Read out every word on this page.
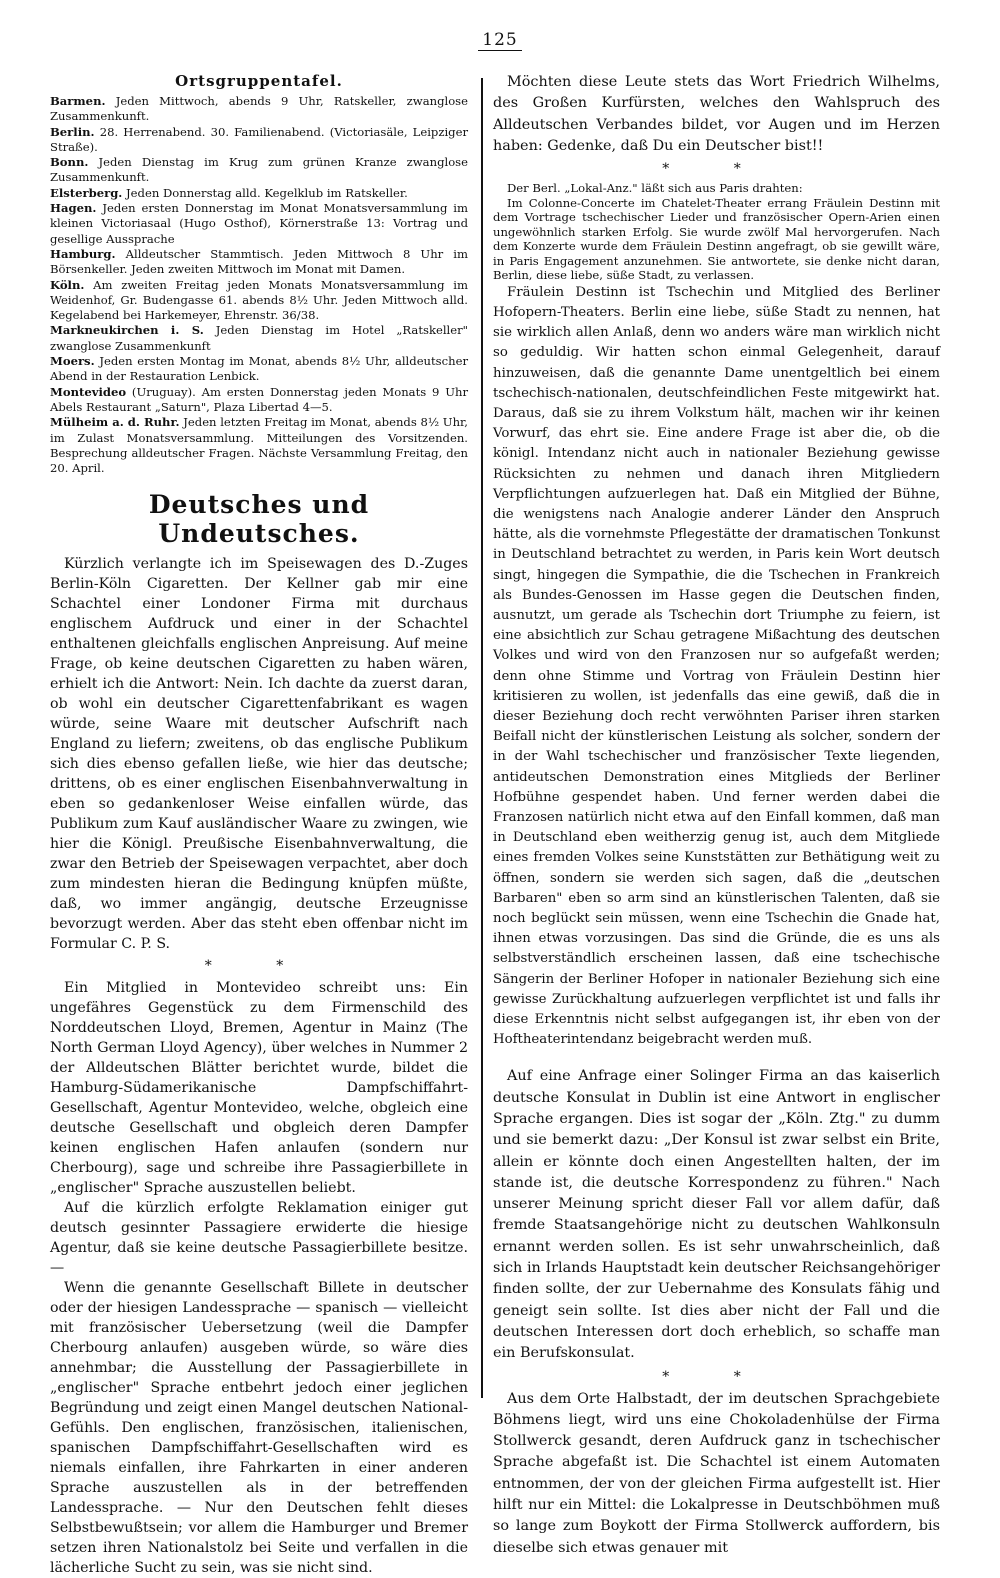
125
Ortsgruppentafel.

Barmen. Jeden Mittwoch, abends 9 Uhr, Ratskeller, zwanglose Zusammenkunft.

Berlin. 28. Herrenabend. 30. Familienabend. (Victoriasäle, Leipziger Straße).

Bonn. Jeden Dienstag im Krug zum grünen Kranze zwanglose Zusammenkunft.

Elsterberg. Jeden Donnerstag alld. Kegelklub im Ratskeller.

Hagen. Jeden ersten Donnerstag im Monat Monatsversammlung im kleinen Victoriasaal (Hugo Osthof), Körnerstraße 13: Vortrag und gesellige Aussprache

Hamburg. Alldeutscher Stammtisch. Jeden Mittwoch 8 Uhr im Börsenkeller. Jeden zweiten Mittwoch im Monat mit Damen.

Köln. Am zweiten Freitag jeden Monats Monatsversammlung im Weidenhof, Gr. Budengasse 61. abends 8½ Uhr. Jeden Mittwoch alld. Kegelabend bei Harkemeyer, Ehrenstr. 36/38.

Markneukirchen i. S. Jeden Dienstag im Hotel „Ratskeller" zwanglose Zusammenkunft

Moers. Jeden ersten Montag im Monat, abends 8½ Uhr, alldeutscher Abend in der Restauration Lenbick.

Montevideo (Uruguay). Am ersten Donnerstag jeden Monats 9 Uhr Abels Restaurant „Saturn", Plaza Libertad 4—5.

Mülheim a. d. Ruhr. Jeden letzten Freitag im Monat, abends 8½ Uhr, im Zulast Monatsversammlung. Mitteilungen des Vorsitzenden. Besprechung alldeutscher Fragen. Nächste Versammlung Freitag, den 20. April.

Deutsches und Undeutsches.

Kürzlich verlangte ich im Speisewagen des D.-Zuges Berlin-Köln Cigaretten. Der Kellner gab mir eine Schachtel einer Londoner Firma mit durchaus englischem Aufdruck und einer in der Schachtel enthaltenen gleichfalls englischen Anpreisung. Auf meine Frage, ob keine deutschen Cigaretten zu haben wären, erhielt ich die Antwort: Nein. Ich dachte da zuerst daran, ob wohl ein deutscher Cigarettenfabrikant es wagen würde, seine Waare mit deutscher Aufschrift nach England zu liefern; zweitens, ob das englische Publikum sich dies ebenso gefallen ließe, wie hier das deutsche; drittens, ob es einer englischen Eisenbahnverwaltung in eben so gedankenloser Weise einfallen würde, das Publikum zum Kauf ausländischer Waare zu zwingen, wie hier die Königl. Preußische Eisenbahnverwaltung, die zwar den Betrieb der Speisewagen verpachtet, aber doch zum mindesten hieran die Bedingung knüpfen müßte, daß, wo immer angängig, deutsche Erzeugnisse bevorzugt werden. Aber das steht eben offenbar nicht im Formular C. P. S.

* *

Ein Mitglied in Montevideo schreibt uns: Ein ungefähres Gegenstück zu dem Firmenschild des Norddeutschen Lloyd, Bremen, Agentur in Mainz (The North German Lloyd Agency), über welches in Nummer 2 der Alldeutschen Blätter berichtet wurde, bildet die Hamburg-Südamerikanische Dampfschiffahrt-Gesellschaft, Agentur Montevideo, welche, obgleich eine deutsche Gesellschaft und obgleich deren Dampfer keinen englischen Hafen anlaufen (sondern nur Cherbourg), sage und schreibe ihre Passagierbillete in „englischer" Sprache auszustellen beliebt.

Auf die kürzlich erfolgte Reklamation einiger gut deutsch gesinnter Passagiere erwiderte die hiesige Agentur, daß sie keine deutsche Passagierbillete besitze. —

Wenn die genannte Gesellschaft Billete in deutscher oder der hiesigen Landessprache — spanisch — vielleicht mit französischer Uebersetzung (weil die Dampfer Cherbourg anlaufen) ausgeben würde, so wäre dies annehmbar; die Ausstellung der Passagierbillete in „englischer" Sprache entbehrt jedoch einer jeglichen Begründung und zeigt einen Mangel deutschen National-Gefühls. Den englischen, französischen, italienischen, spanischen Dampfschiffahrt-Gesellschaften wird es niemals einfallen, ihre Fahrkarten in einer anderen Sprache auszustellen als in der betreffenden Landessprache. — Nur den Deutschen fehlt dieses Selbstbewußtsein; vor allem die Hamburger und Bremer setzen ihren Nationalstolz bei Seite und verfallen in die lächerliche Sucht zu sein, was sie nicht sind.

Möchten diese Leute stets das Wort Friedrich Wilhelms, des Großen Kurfürsten, welches den Wahlspruch des Alldeutschen Verbandes bildet, vor Augen und im Herzen haben: Gedenke, daß Du ein Deutscher bist!!

* *

Der Berl. „Lokal-Anz." läßt sich aus Paris drahten:

Im Colonne-Concerte im Chatelet-Theater errang Fräulein Destinn mit dem Vortrage tschechischer Lieder und französischer Opern-Arien einen ungewöhnlich starken Erfolg. Sie wurde zwölf Mal hervorgerufen. Nach dem Konzerte wurde dem Fräulein Destinn angefragt, ob sie gewillt wäre, in Paris Engagement anzunehmen. Sie antwortete, sie denke nicht daran, Berlin, diese liebe, süße Stadt, zu verlassen.

Fräulein Destinn ist Tschechin und Mitglied des Berliner Hofopern-Theaters. Berlin eine liebe, süße Stadt zu nennen, hat sie wirklich allen Anlaß, denn wo anders wäre man wirklich nicht so geduldig. Wir hatten schon einmal Gelegenheit, darauf hinzuweisen, daß die genannte Dame unentgeltlich bei einem tschechisch-nationalen, deutschfeindlichen Feste mitgewirkt hat. Daraus, daß sie zu ihrem Volkstum hält, machen wir ihr keinen Vorwurf, das ehrt sie. Eine andere Frage ist aber die, ob die königl. Intendanz nicht auch in nationaler Beziehung gewisse Rücksichten zu nehmen und danach ihren Mitgliedern Verpflichtungen aufzuerlegen hat. Daß ein Mitglied der Bühne, die wenigstens nach Analogie anderer Länder den Anspruch hätte, als die vornehmste Pflegestätte der dramatischen Tonkunst in Deutschland betrachtet zu werden, in Paris kein Wort deutsch singt, hingegen die Sympathie, die die Tschechen in Frankreich als Bundes-Genossen im Hasse gegen die Deutschen finden, ausnutzt, um gerade als Tschechin dort Triumphe zu feiern, ist eine absichtlich zur Schau getragene Mißachtung des deutschen Volkes und wird von den Franzosen nur so aufgefaßt werden; denn ohne Stimme und Vortrag von Fräulein Destinn hier kritisieren zu wollen, ist jedenfalls das eine gewiß, daß die in dieser Beziehung doch recht verwöhnten Pariser ihren starken Beifall nicht der künstlerischen Leistung als solcher, sondern der in der Wahl tschechischer und französischer Texte liegenden, antideutschen Demonstration eines Mitglieds der Berliner Hofbühne gespendet haben. Und ferner werden dabei die Franzosen natürlich nicht etwa auf den Einfall kommen, daß man in Deutschland eben weitherzig genug ist, auch dem Mitgliede eines fremden Volkes seine Kunststätten zur Bethätigung weit zu öffnen, sondern sie werden sich sagen, daß die „deutschen Barbaren" eben so arm sind an künstlerischen Talenten, daß sie noch beglückt sein müssen, wenn eine Tschechin die Gnade hat, ihnen etwas vorzusingen. Das sind die Gründe, die es uns als selbstverständlich erscheinen lassen, daß eine tschechische Sängerin der Berliner Hofoper in nationaler Beziehung sich eine gewisse Zurückhaltung aufzuerlegen verpflichtet ist und falls ihr diese Erkenntnis nicht selbst aufgegangen ist, ihr eben von der Hoftheaterintendanz beigebracht werden muß.

Auf eine Anfrage einer Solinger Firma an das kaiserlich deutsche Konsulat in Dublin ist eine Antwort in englischer Sprache ergangen. Dies ist sogar der „Köln. Ztg." zu dumm und sie bemerkt dazu: „Der Konsul ist zwar selbst ein Brite, allein er könnte doch einen Angestellten halten, der im stande ist, die deutsche Korrespondenz zu führen." Nach unserer Meinung spricht dieser Fall vor allem dafür, daß fremde Staatsangehörige nicht zu deutschen Wahlkonsuln ernannt werden sollen. Es ist sehr unwahrscheinlich, daß sich in Irlands Hauptstadt kein deutscher Reichsangehöriger finden sollte, der zur Uebernahme des Konsulats fähig und geneigt sein sollte. Ist dies aber nicht der Fall und die deutschen Interessen dort doch erheblich, so schaffe man ein Berufskonsulat.

* *

Aus dem Orte Halbstadt, der im deutschen Sprachgebiete Böhmens liegt, wird uns eine Chokoladenhülse der Firma Stollwerck gesandt, deren Aufdruck ganz in tschechischer Sprache abgefaßt ist. Die Schachtel ist einem Automaten entnommen, der von der gleichen Firma aufgestellt ist. Hier hilft nur ein Mittel: die Lokalpresse in Deutschböhmen muß so lange zum Boykott der Firma Stollwerck auffordern, bis dieselbe sich etwas genauer mit
